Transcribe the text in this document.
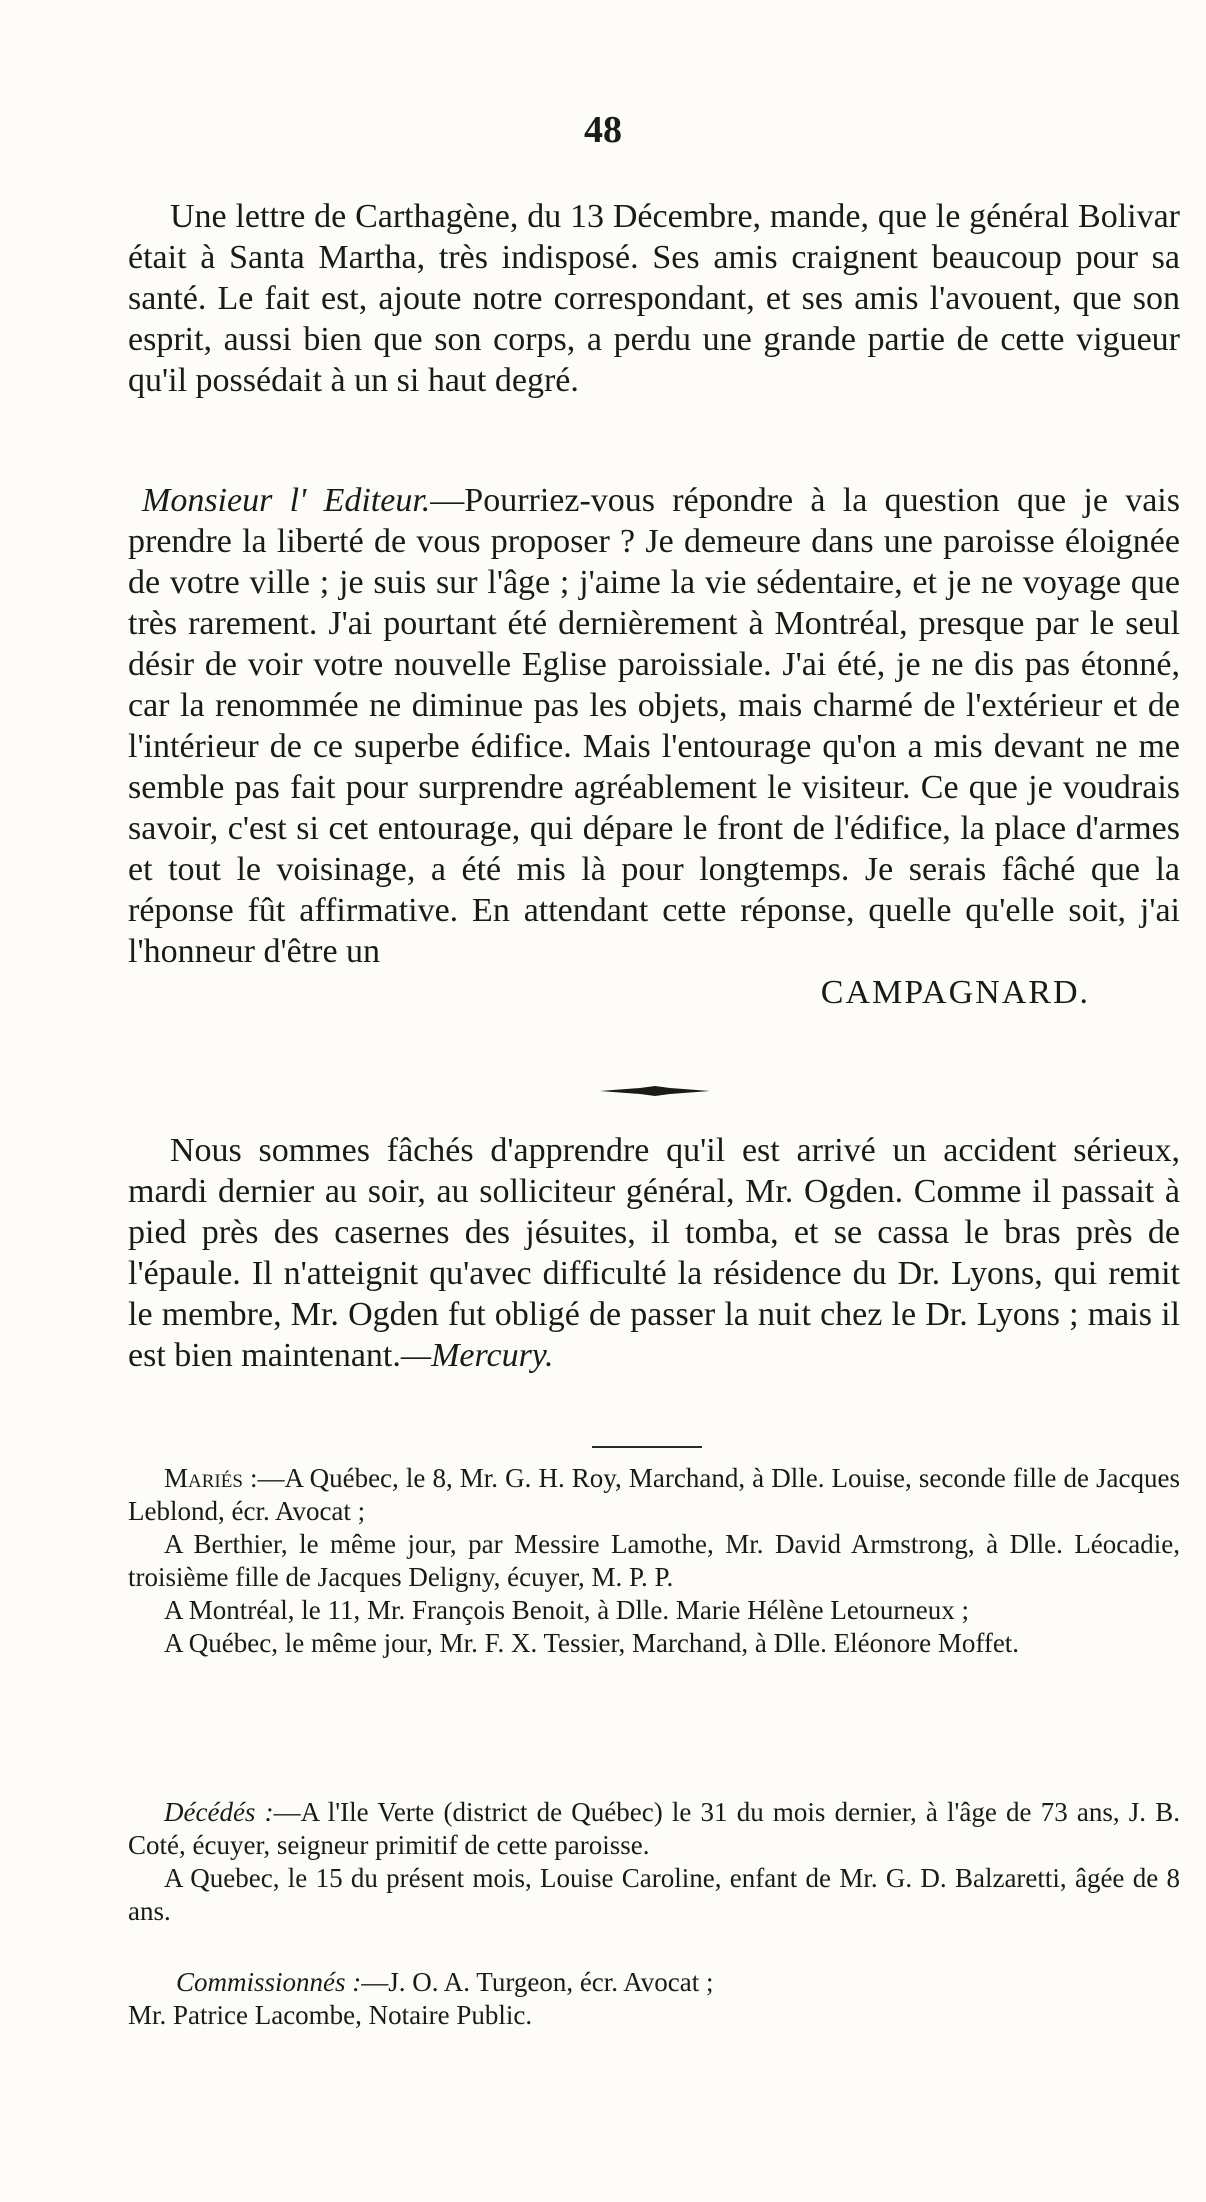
48
Une lettre de Carthagène, du 13 Décembre, mande, que le général Bolivar était à Santa Martha, très indisposé. Ses amis craignent beaucoup pour sa santé. Le fait est, ajoute notre correspondant, et ses amis l'avouent, que son esprit, aussi bien que son corps, a perdu une grande partie de cette vigueur qu'il possédait à un si haut degré.
Monsieur l' Editeur.—Pourriez-vous répondre à la question que je vais prendre la liberté de vous proposer ? Je demeure dans une paroisse éloignée de votre ville ; je suis sur l'âge ; j'aime la vie sédentaire, et je ne voyage que très rarement. J'ai pourtant été dernièrement à Montréal, presque par le seul désir de voir votre nouvelle Eglise paroissiale. J'ai été, je ne dis pas étonné, car la renommée ne diminue pas les objets, mais charmé de l'extérieur et de l'intérieur de ce superbe édifice. Mais l'entourage qu'on a mis devant ne me semble pas fait pour surprendre agréablement le visiteur. Ce que je voudrais savoir, c'est si cet entourage, qui dépare le front de l'édifice, la place d'armes et tout le voisinage, a été mis là pour longtemps. Je serais fâché que la réponse fût affirmative. En attendant cette réponse, quelle qu'elle soit, j'ai l'honneur d'être un
CAMPAGNARD.
Nous sommes fâchés d'apprendre qu'il est arrivé un accident sérieux, mardi dernier au soir, au solliciteur général, Mr. Ogden. Comme il passait à pied près des casernes des jésuites, il tomba, et se cassa le bras près de l'épaule. Il n'atteignit qu'avec difficulté la résidence du Dr. Lyons, qui remit le membre, Mr. Ogden fut obligé de passer la nuit chez le Dr. Lyons ; mais il est bien maintenant.—Mercury.
Mariés :—A Québec, le 8, Mr. G. H. Roy, Marchand, à Dlle. Louise, seconde fille de Jacques Leblond, écr. Avocat ;
A Berthier, le même jour, par Messire Lamothe, Mr. David Armstrong, à Dlle. Léocadie, troisième fille de Jacques Deligny, écuyer, M. P. P.
A Montréal, le 11, Mr. François Benoit, à Dlle. Marie Hélène Letourneux ;
A Québec, le même jour, Mr. F. X. Tessier, Marchand, à Dlle. Eléonore Moffet.
Décédés :—A l'Ile Verte (district de Québec) le 31 du mois dernier, à l'âge de 73 ans, J. B. Coté, écuyer, seigneur primitif de cette paroisse.
A Quebec, le 15 du présent mois, Louise Caroline, enfant de Mr. G. D. Balzaretti, âgée de 8 ans.
Commissionnés :—J. O. A. Turgeon, écr. Avocat ;
Mr. Patrice Lacombe, Notaire Public.
